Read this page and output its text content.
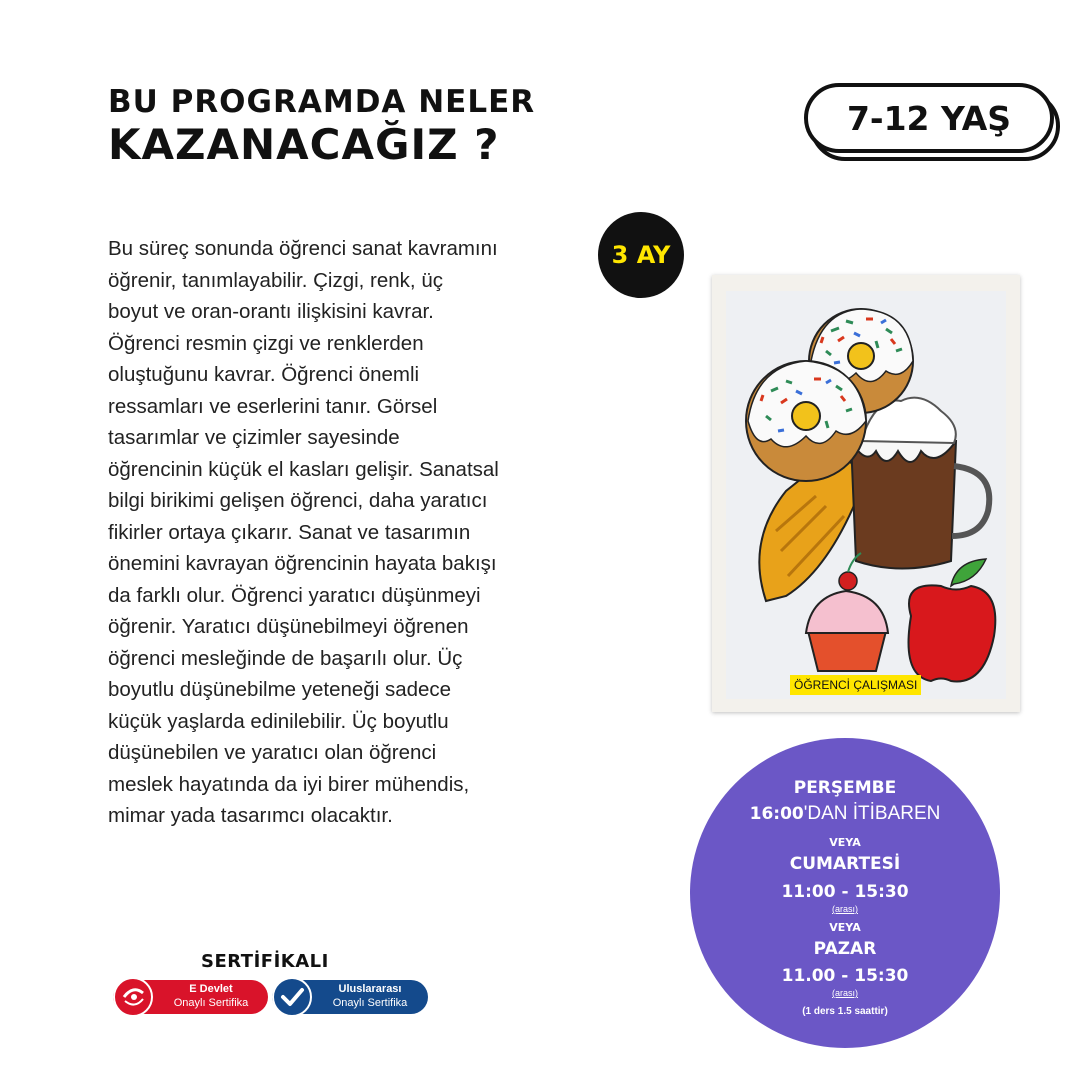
BU PROGRAMDA NELER
KAZANACAĞIZ ?
7-12 YAŞ
Bu süreç sonunda öğrenci sanat kavramını
öğrenir, tanımlayabilir. Çizgi, renk, üç
boyut ve oran-orantı ilişkisini kavrar.
Öğrenci resmin çizgi ve renklerden
oluştuğunu kavrar. Öğrenci önemli
ressamları ve eserlerini tanır. Görsel
tasarımlar ve çizimler sayesinde
öğrencinin küçük el kasları gelişir. Sanatsal
bilgi birikimi gelişen öğrenci, daha yaratıcı
fikirler ortaya çıkarır. Sanat ve tasarımın
önemini kavrayan öğrencinin hayata bakışı
da farklı olur. Öğrenci yaratıcı düşünmeyi
öğrenir. Yaratıcı düşünebilmeyi öğrenen
öğrenci mesleğinde de başarılı olur. Üç
boyutlu düşünebilme yeteneği sadece
küçük yaşlarda edinilebilir. Üç boyutlu
düşünebilen ve yaratıcı olan öğrenci
meslek hayatında da iyi birer mühendis,
mimar yada tasarımcı olacaktır.
3 AY
ÖĞRENCİ ÇALIŞMASI
PERŞEMBE
16:00'DAN İTİBAREN
VEYA
CUMARTESİ
11:00 - 15:30
(arası)
VEYA
PAZAR
11.00 - 15:30
(arası)
(1 ders 1.5 saattir)
SERTİFİKALI
E Devlet
Onaylı Sertifika
Uluslararası
Onaylı Sertifika
